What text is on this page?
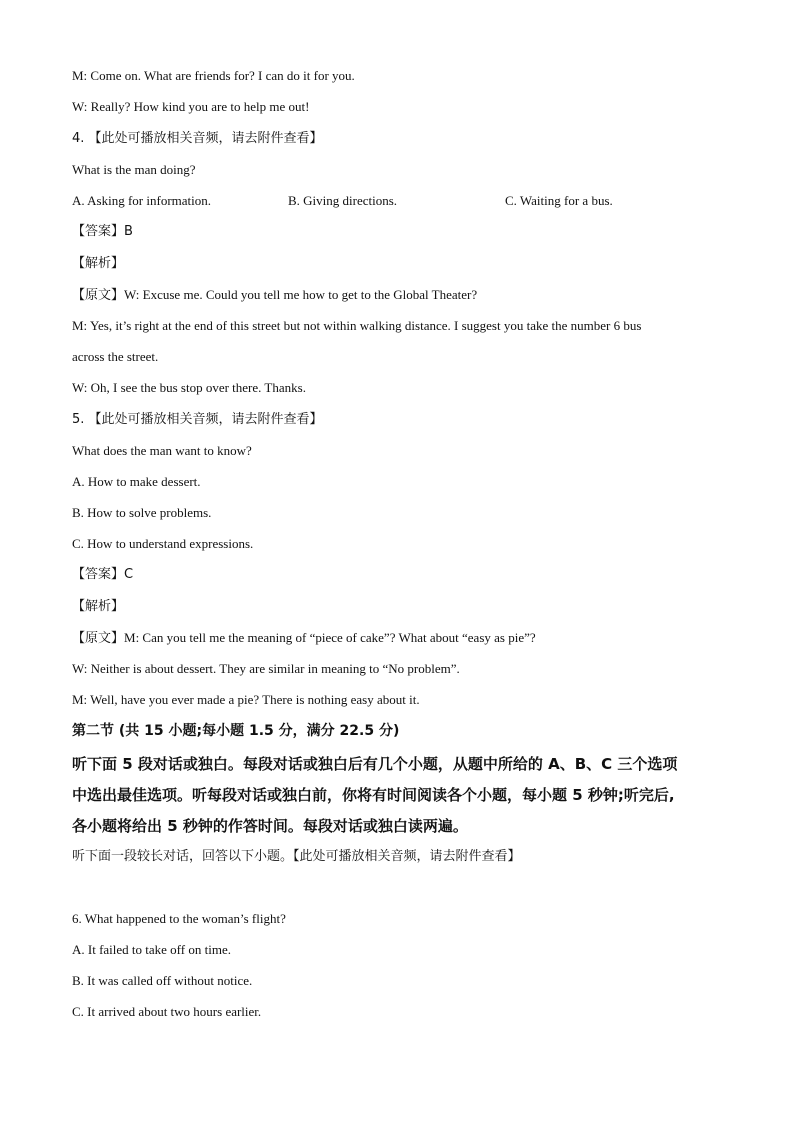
M: Come on. What are friends for? I can do it for you.
W: Really? How kind you are to help me out!
4. 【此处可播放相关音频，请去附件查看】
What is the man doing?
A. Asking for information.	B. Giving directions.	C. Waiting for a bus.
【答案】B
【解析】
【原文】W: Excuse me. Could you tell me how to get to the Global Theater?
M: Yes, it’s right at the end of this street but not within walking distance. I suggest you take the number 6 bus
across the street.
W: Oh, I see the bus stop over there. Thanks.
5. 【此处可播放相关音频，请去附件查看】
What does the man want to know?
A. How to make dessert.
B. How to solve problems.
C. How to understand expressions.
【答案】C
【解析】
【原文】M: Can you tell me the meaning of “piece of cake”? What about “easy as pie”?
W: Neither is about dessert. They are similar in meaning to “No problem”.
M: Well, have you ever made a pie? There is nothing easy about it.
第二节 (共 15 小题;每小题 1.5 分，满分 22.5 分)
听下面 5 段对话或独白。每段对话或独白后有几个小题，从题中所给的 A、B、C 三个选项
中选出最佳选项。听每段对话或独白前，你将有时间阅读各个小题，每小题 5 秒钟;听完后,
各小题将给出 5 秒钟的作答时间。每段对话或独白读两遍。
听下面一段较长对话，回答以下小题。【此处可播放相关音频，请去附件查看】
6. What happened to the woman’s flight?
A. It failed to take off on time.
B. It was called off without notice.
C. It arrived about two hours earlier.
